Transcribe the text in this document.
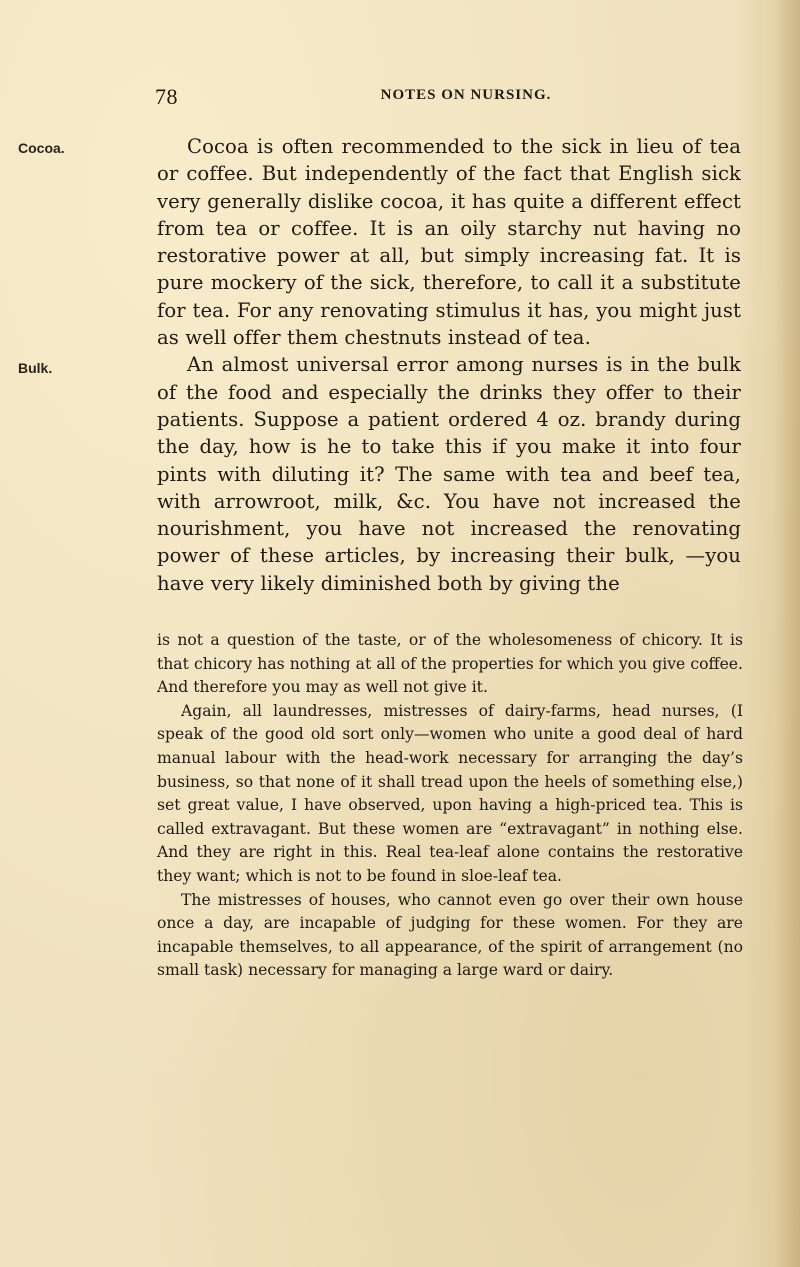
78	NOTES ON NURSING.
Cocoa.
Bulk.

Cocoa is often recommended to the sick in lieu of tea or coffee. But independently of the fact that English sick very generally dislike cocoa, it has quite a different effect from tea or coffee. It is an oily starchy nut having no restorative power at all, but simply increasing fat. It is pure mockery of the sick, therefore, to call it a substitute for tea. For any renovating stimulus it has, you might just as well offer them chestnuts instead of tea.

An almost universal error among nurses is in the bulk of the food and especially the drinks they offer to their patients. Suppose a patient ordered 4 oz. brandy during the day, how is he to take this if you make it into four pints with diluting it? The same with tea and beef tea, with arrowroot, milk, &c. You have not increased the nourishment, you have not increased the renovating power of these articles, by increasing their bulk, —you have very likely diminished both by giving the

is not a question of the taste, or of the wholesomeness of chicory. It is that chicory has nothing at all of the properties for which you give coffee. And therefore you may as well not give it.

Again, all laundresses, mistresses of dairy-farms, head nurses, (I speak of the good old sort only—women who unite a good deal of hard manual labour with the head-work necessary for arranging the day’s business, so that none of it shall tread upon the heels of something else,) set great value, I have observed, upon having a high-priced tea. This is called extravagant. But these women are “extravagant” in nothing else. And they are right in this. Real tea-leaf alone contains the restorative they want; which is not to be found in sloe-leaf tea.

The mistresses of houses, who cannot even go over their own house once a day, are incapable of judging for these women. For they are incapable themselves, to all appearance, of the spirit of arrangement (no small task) necessary for managing a large ward or dairy.
